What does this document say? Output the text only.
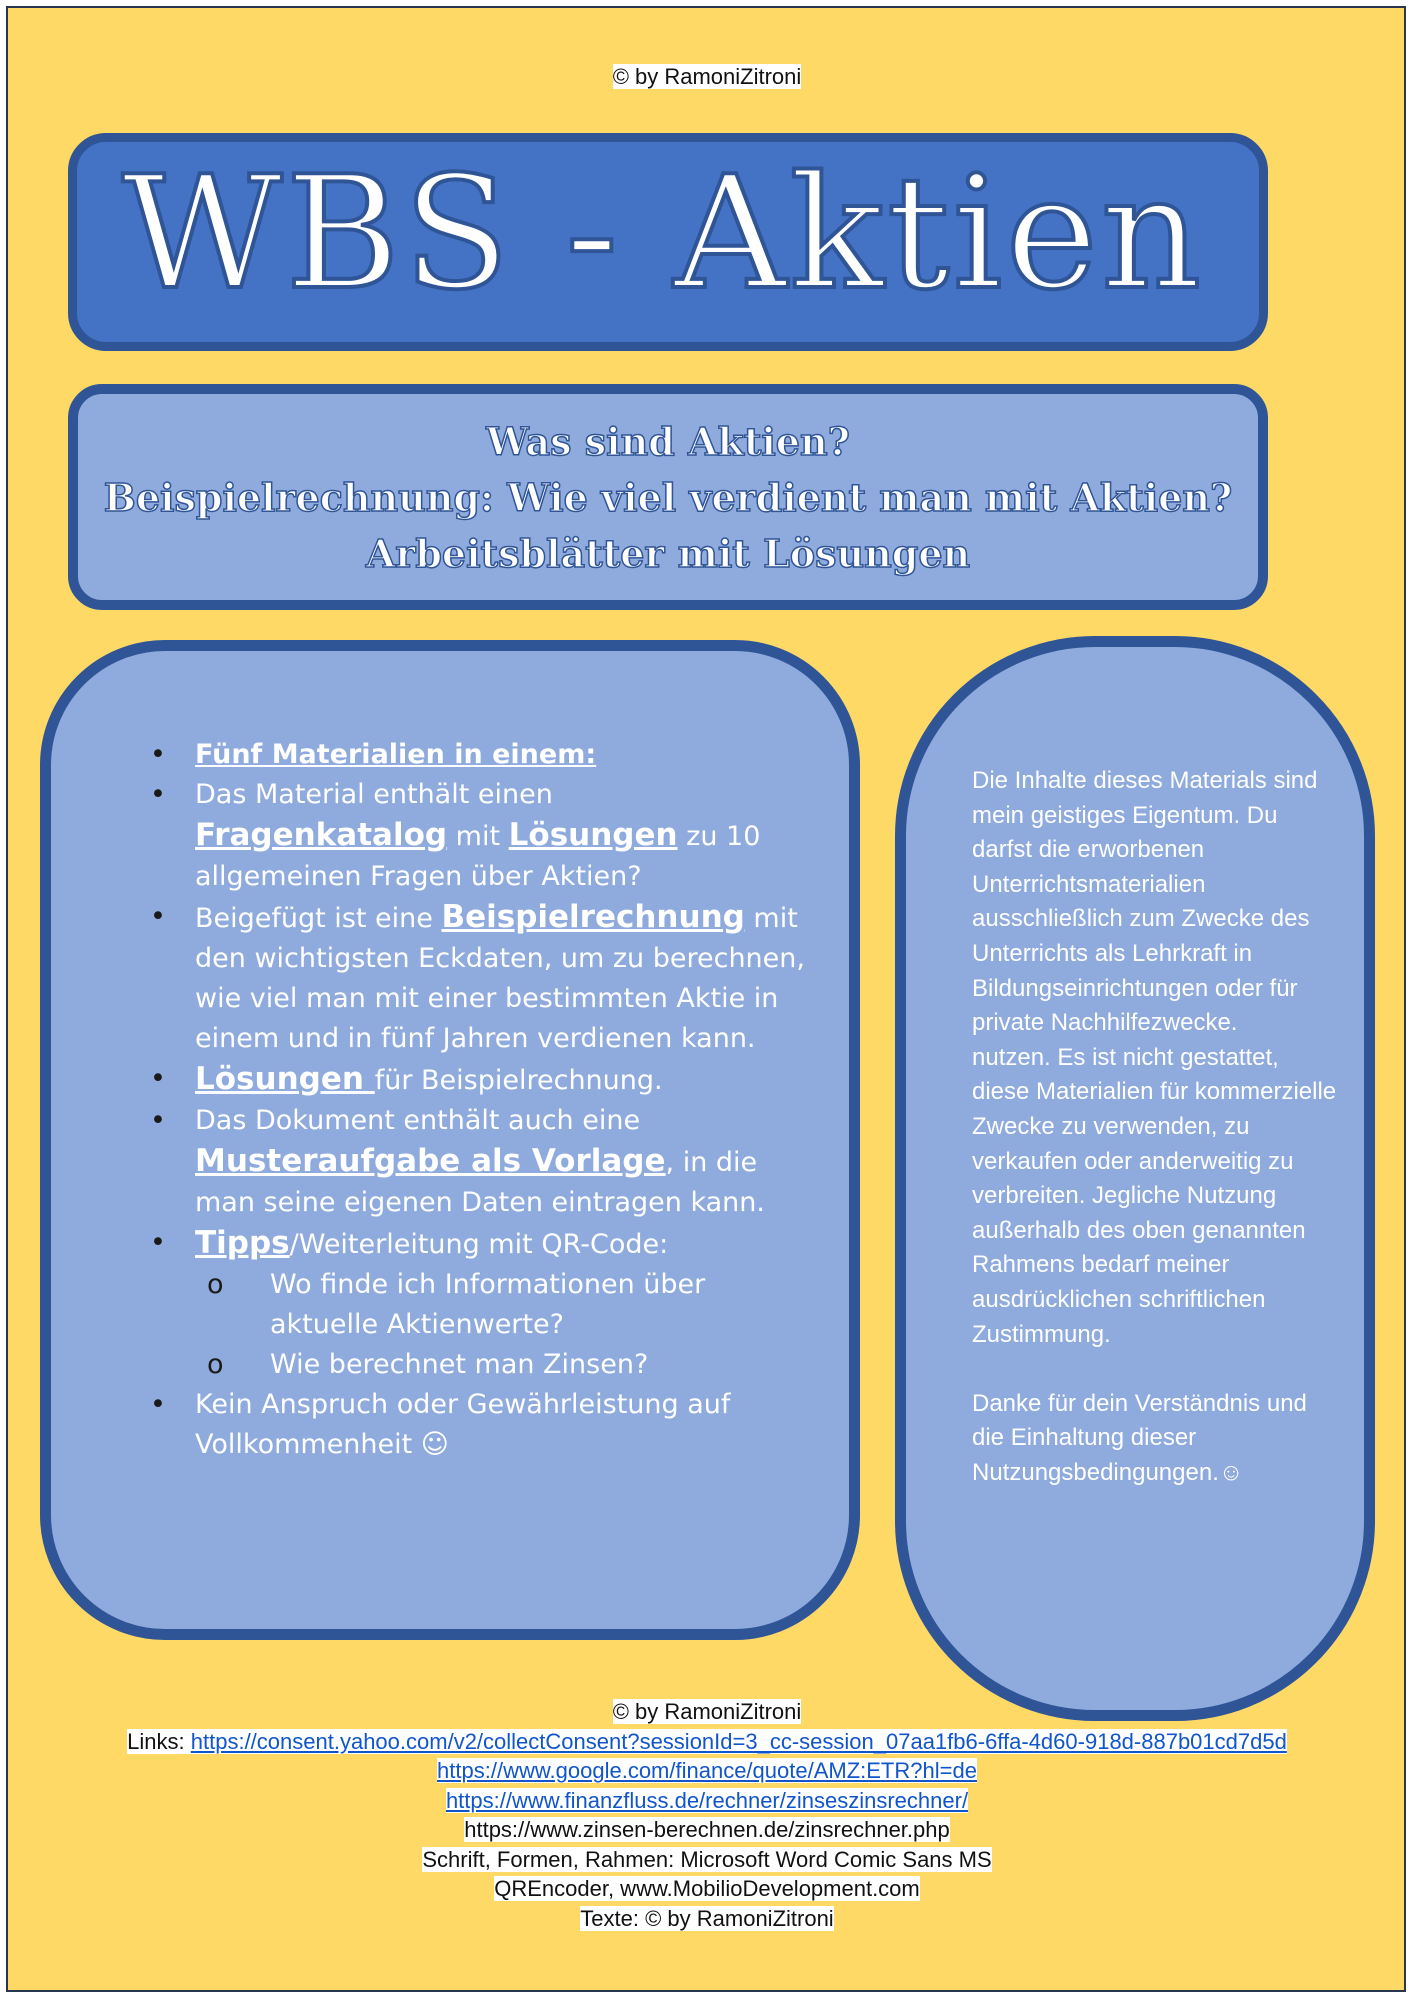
© by RamoniZitroni
WBS - Aktien
Was sind Aktien?
Beispielrechnung: Wie viel verdient man mit Aktien?
Arbeitsblätter mit Lösungen
• Fünf Materialien in einem:
• Das Material enthält einen Fragenkatalog mit Lösungen zu 10 allgemeinen Fragen über Aktien?
• Beigefügt ist eine Beispielrechnung mit den wichtigsten Eckdaten, um zu berechnen, wie viel man mit einer bestimmten Aktie in einem und in fünf Jahren verdienen kann.
• Lösungen für Beispielrechnung.
• Das Dokument enthält auch eine Musteraufgabe als Vorlage, in die man seine eigenen Daten eintragen kann.
• Tipps/Weiterleitung mit QR-Code:
o Wo finde ich Informationen über aktuelle Aktienwerte?
o Wie berechnet man Zinsen?
• Kein Anspruch oder Gewährleistung auf Vollkommenheit ☺

Die Inhalte dieses Materials sind mein geistiges Eigentum. Du darfst die erworbenen Unterrichtsmaterialien ausschließlich zum Zwecke des Unterrichts als Lehrkraft in Bildungseinrichtungen oder für private Nachhilfezwecke.

nutzen. Es ist nicht gestattet, diese Materialien für kommerzielle Zwecke zu verwenden, zu verkaufen oder anderweitig zu verbreiten. Jegliche Nutzung außerhalb des oben genannten Rahmens bedarf meiner ausdrücklichen schriftlichen Zustimmung.

Danke für dein Verständnis und die Einhaltung dieser Nutzungsbedingungen.☺

© by RamoniZitroni
Links: https://consent.yahoo.com/v2/collectConsent?sessionId=3_cc-session_07aa1fb6-6ffa-4d60-918d-887b01cd7d5d
https://www.google.com/finance/quote/AMZ:ETR?hl=de
https://www.finanzfluss.de/rechner/zinseszinsrechner/
https://www.zinsen-berechnen.de/zinsrechner.php
Schrift, Formen, Rahmen: Microsoft Word Comic Sans MS
QREncoder, www.MobilioDevelopment.com
Texte: © by RamoniZitroni
